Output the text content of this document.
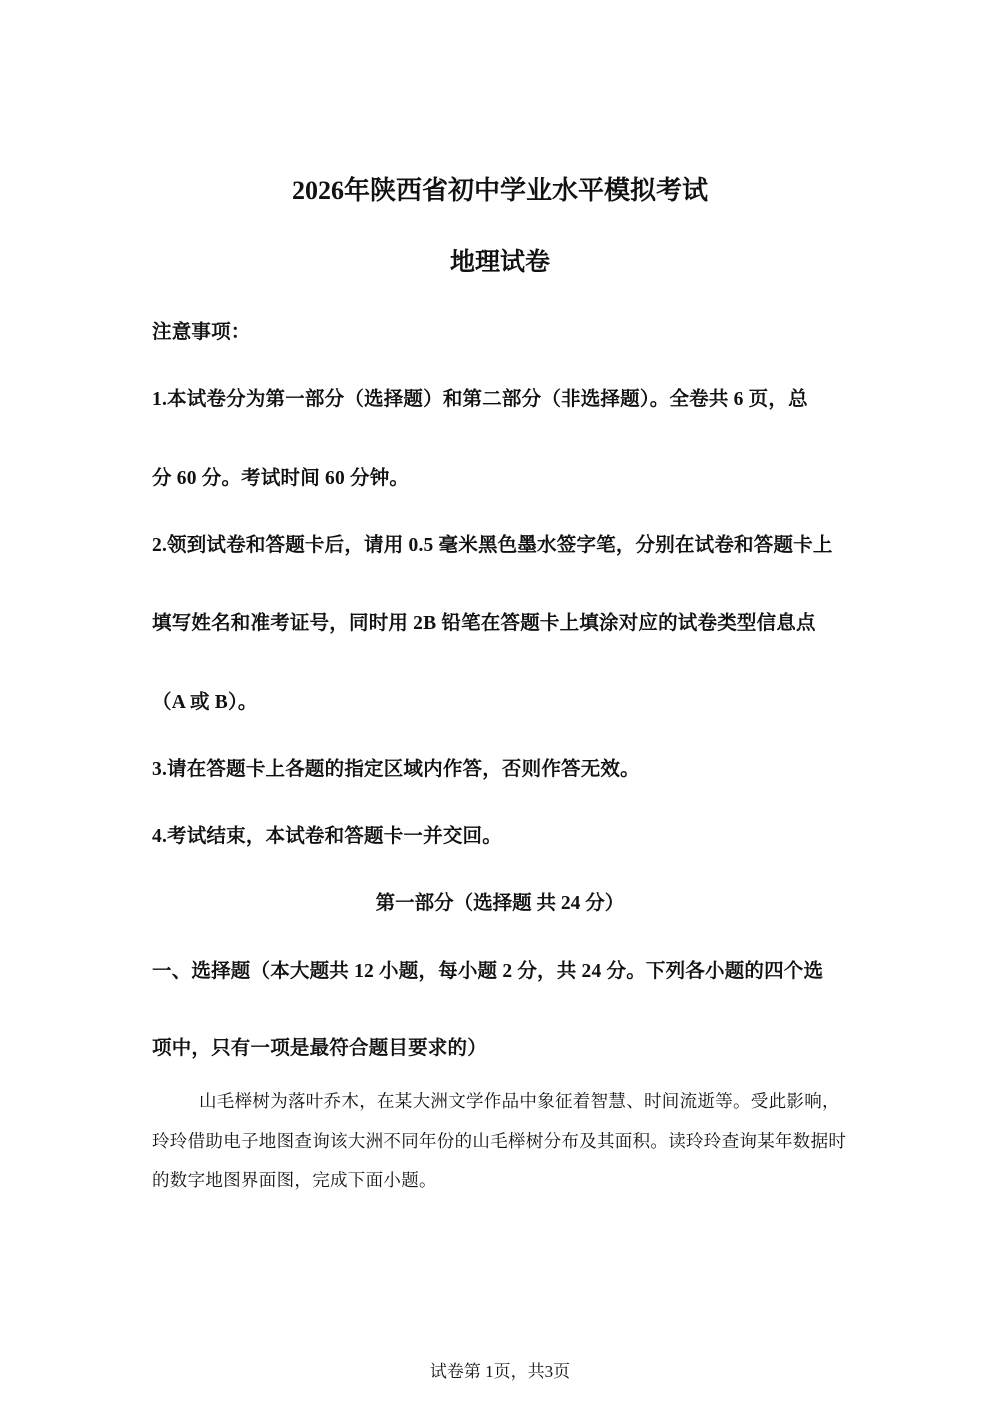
2026年陕西省初中学业水平模拟考试
地理试卷
注意事项：
1.本试卷分为第一部分（选择题）和第二部分（非选择题）。全卷共 6 页，总
分 60 分。考试时间 60 分钟。
2.领到试卷和答题卡后，请用 0.5 毫米黑色墨水签字笔，分别在试卷和答题卡上
填写姓名和准考证号，同时用 2B 铅笔在答题卡上填涂对应的试卷类型信息点
（A 或 B）。
3.请在答题卡上各题的指定区域内作答，否则作答无效。
4.考试结束，本试卷和答题卡一并交回。
第一部分（选择题 共 24 分）
一、选择题（本大题共 12 小题，每小题 2 分，共 24 分。下列各小题的四个选
项中，只有一项是最符合题目要求的）
山毛榉树为落叶乔木，在某大洲文学作品中象征着智慧、时间流逝等。受此影响，
玲玲借助电子地图查询该大洲不同年份的山毛榉树分布及其面积。读玲玲查询某年数据时
的数字地图界面图，完成下面小题。
试卷第 1页，共3页
